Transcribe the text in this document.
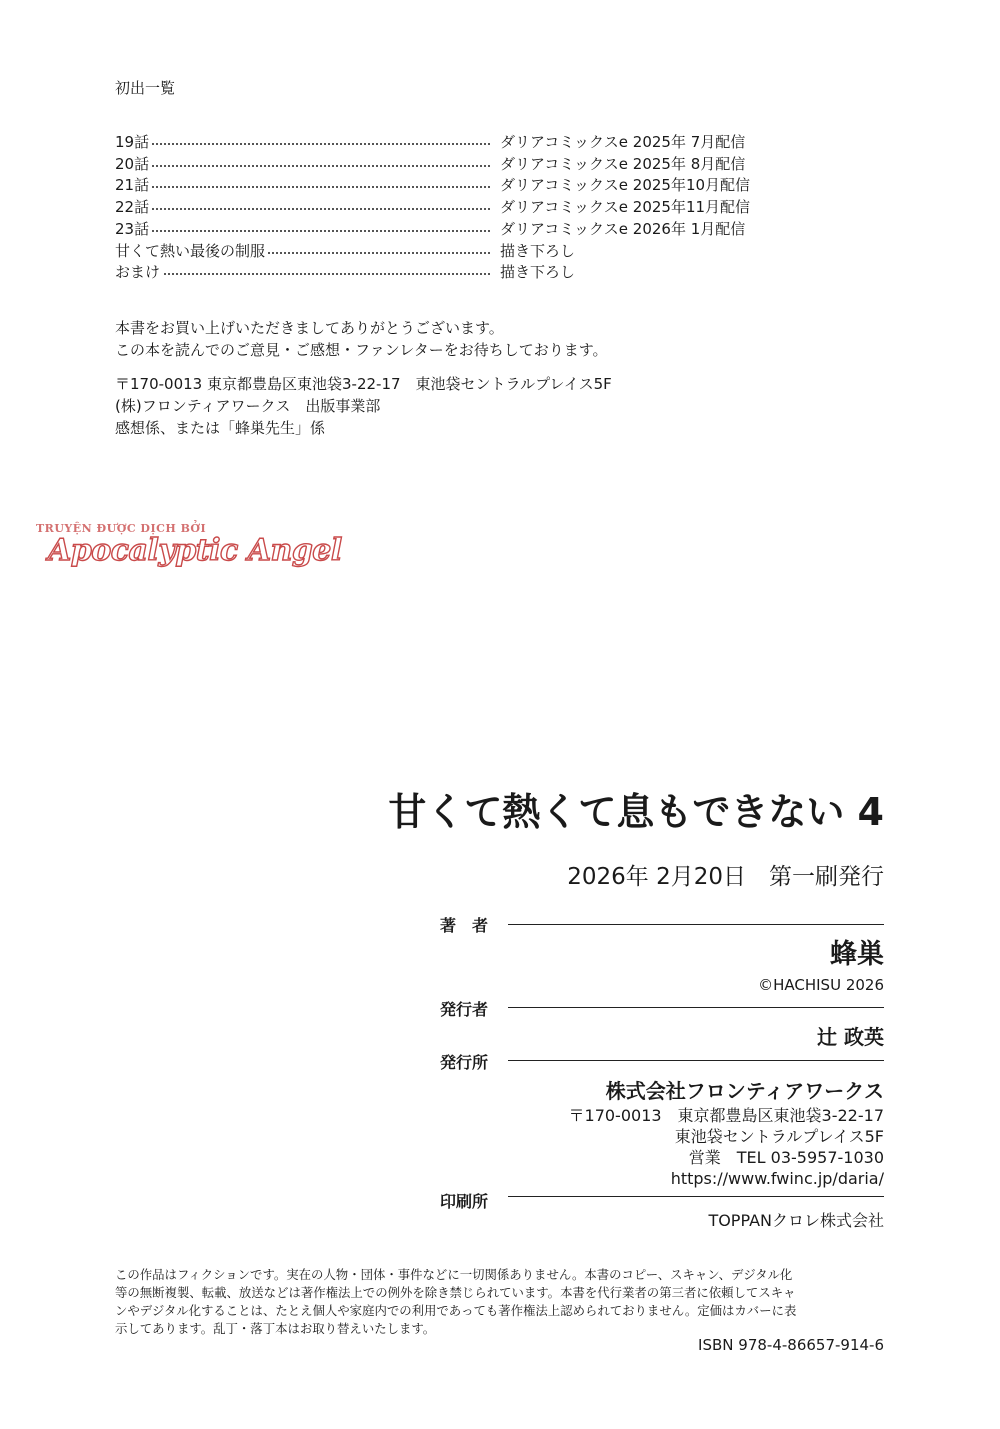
初出一覧
19話	ダリアコミックスe 2025年 7月配信
20話	ダリアコミックスe 2025年 8月配信
21話	ダリアコミックスe 2025年10月配信
22話	ダリアコミックスe 2025年11月配信
23話	ダリアコミックスe 2026年 1月配信
甘くて熱い最後の制服	描き下ろし
おまけ	描き下ろし
本書をお買い上げいただきましてありがとうございます。
この本を読んでのご意見・ご感想・ファンレターをお待ちしております。
〒170-0013 東京都豊島区東池袋3-22-17　東池袋セントラルプレイス5F
(株)フロンティアワークス　出版事業部
感想係、または「蜂巣先生」係
TRUYỆN ĐƯỢC DỊCH BỞI
Apocalyptic Angel
甘くて熱くて息もできない 4
2026年 2月20日　第一刷発行
著　者
蜂巣
©HACHISU 2026
発行者
辻 政英
発行所
株式会社フロンティアワークス
〒170-0013　東京都豊島区東池袋3-22-17
東池袋セントラルプレイス5F
営業　TEL 03-5957-1030
https://www.fwinc.jp/daria/
印刷所
TOPPANクロレ株式会社
この作品はフィクションです。実在の人物・団体・事件などに一切関係ありません。本書のコピー、スキャン、デジタル化
等の無断複製、転載、放送などは著作権法上での例外を除き禁じられています。本書を代行業者の第三者に依頼してスキャ
ンやデジタル化することは、たとえ個人や家庭内での利用であっても著作権法上認められておりません。定価はカバーに表
示してあります。乱丁・落丁本はお取り替えいたします。
ISBN 978-4-86657-914-6
